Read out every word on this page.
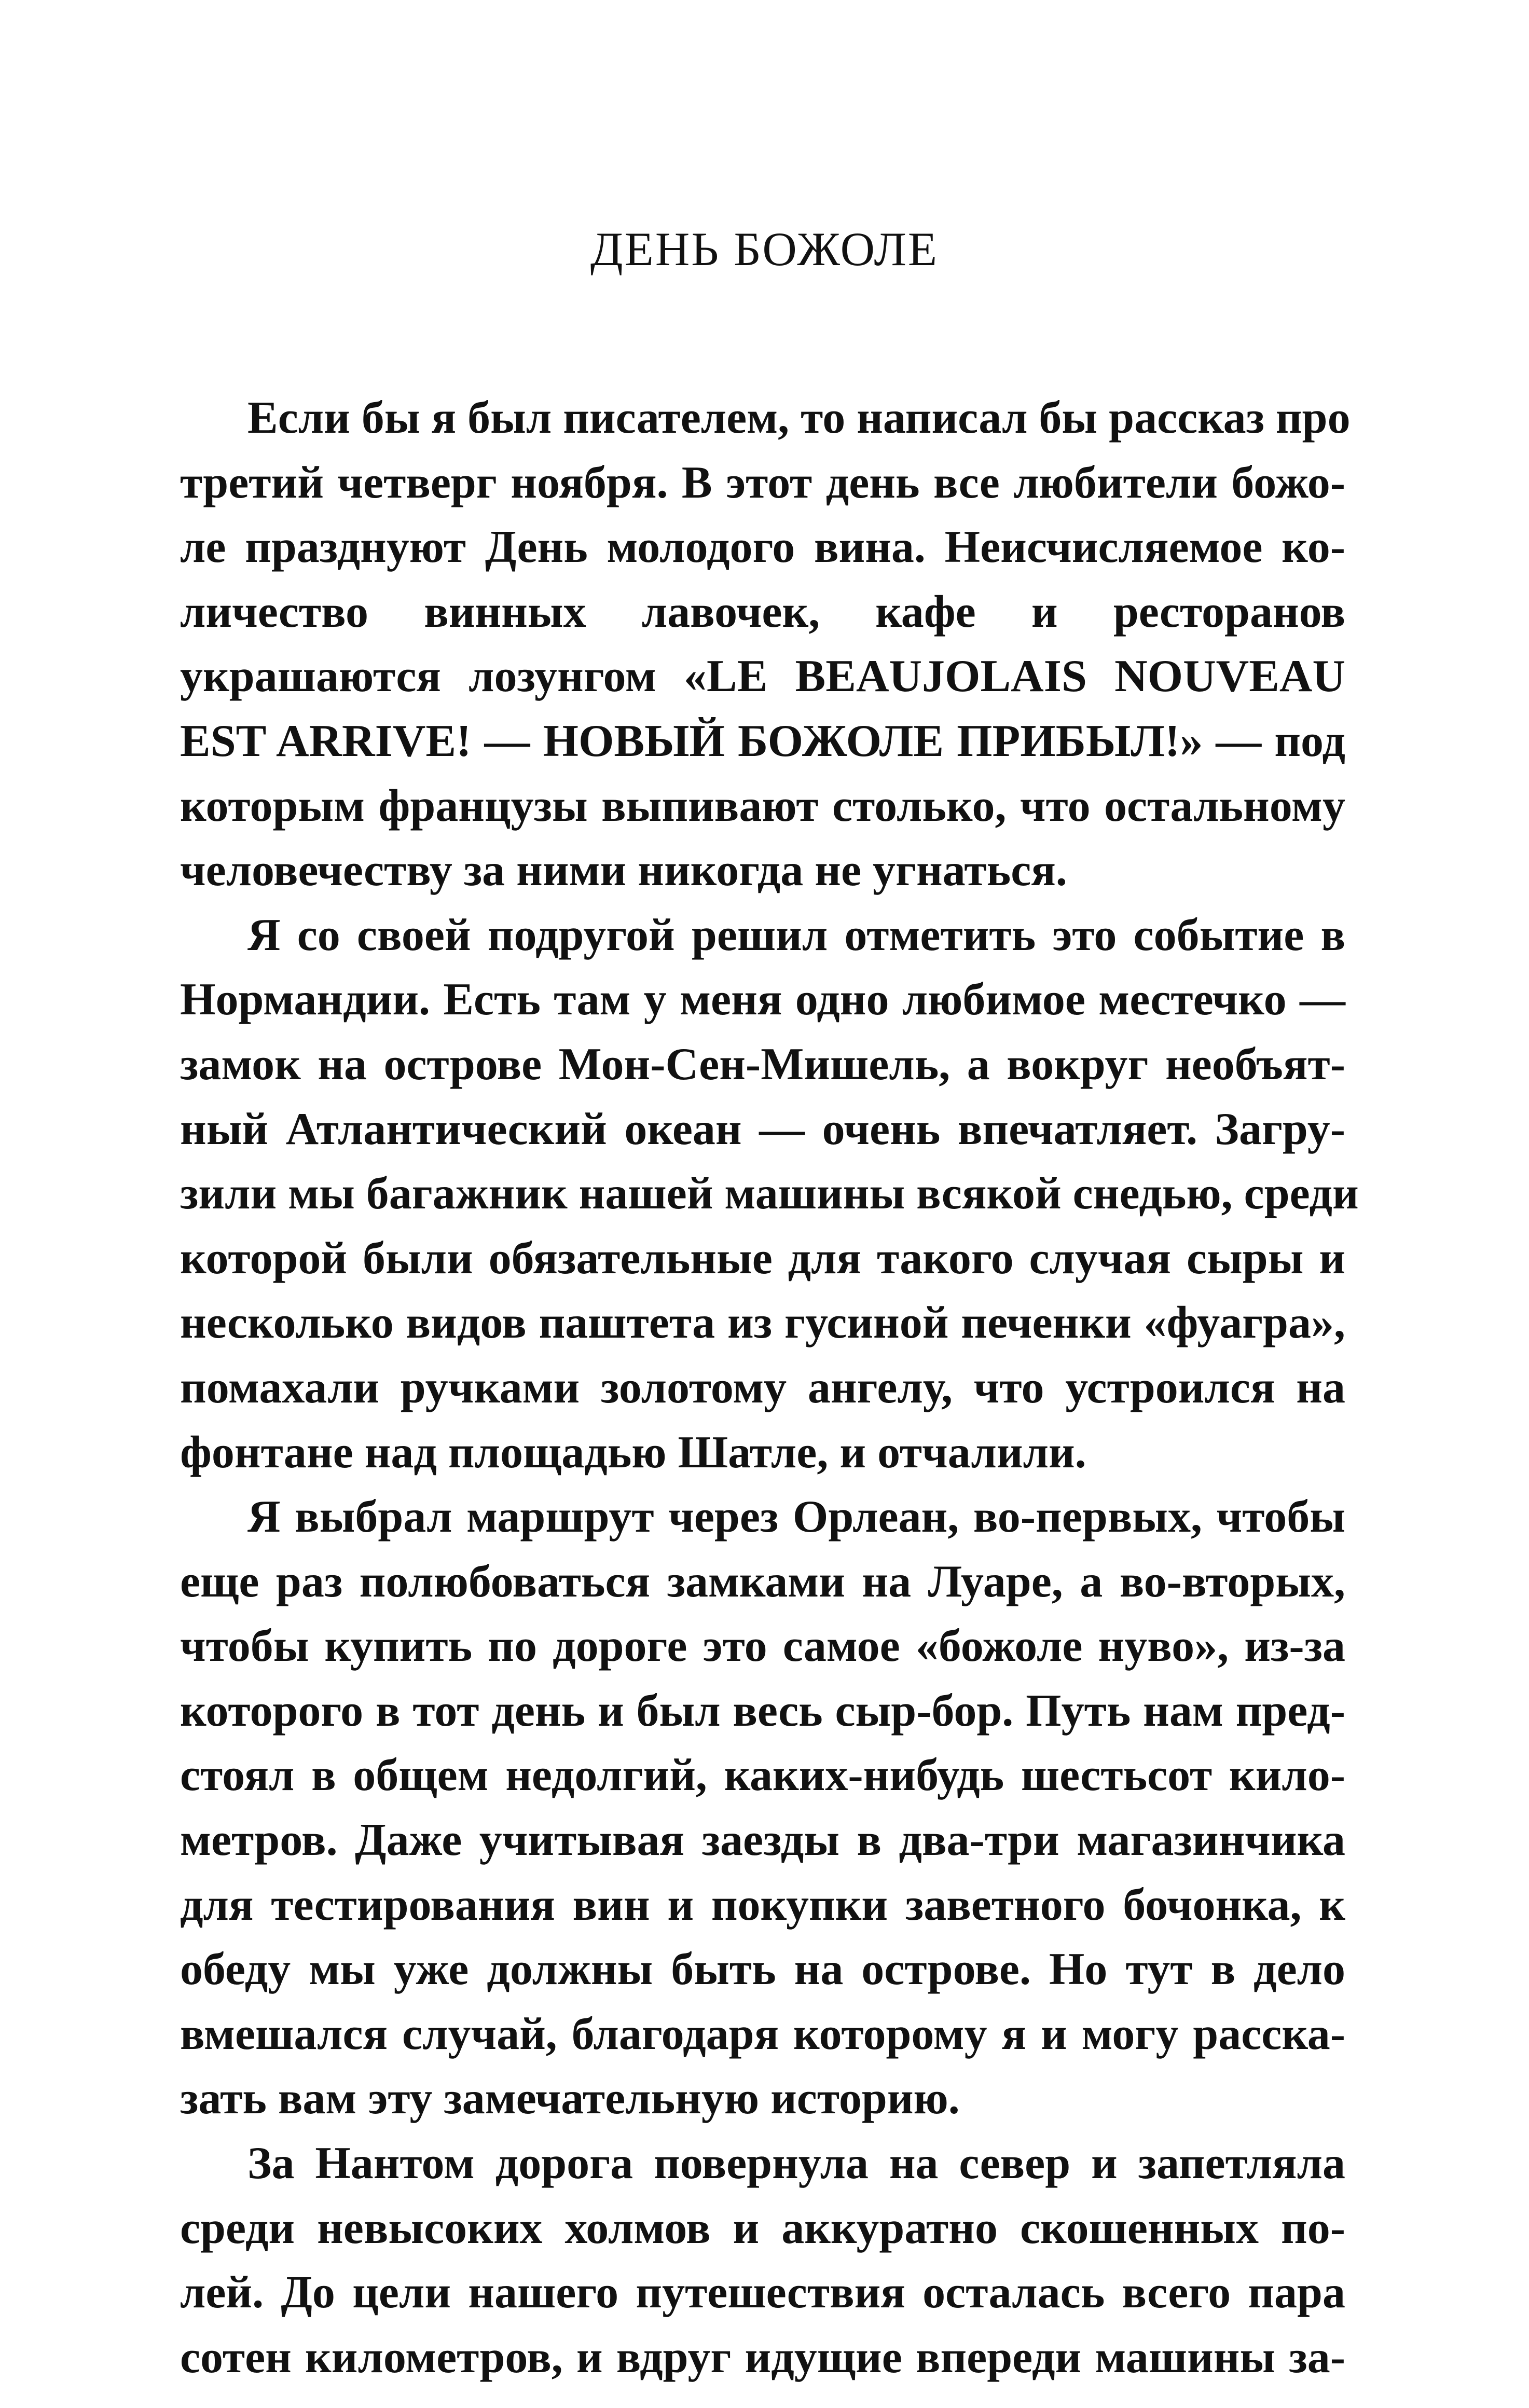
ДЕНЬ БОЖОЛЕ

Если бы я был писателем, то написал бы рассказ про
третий четверг ноября. В этот день все любители божо-
ле празднуют День молодого вина. Неисчисляемое ко-
личество винных лавочек, кафе и ресторанов
украшаются лозунгом «LE BEAUJOLAIS NOUVEAU
EST ARRIVE! — НОВЫЙ БОЖОЛЕ ПРИБЫЛ!» — под
которым французы выпивают столько, что остальному
человечеству за ними никогда не угнаться.

Я со своей подругой решил отметить это событие в
Нормандии. Есть там у меня одно любимое местечко —
замок на острове Мон-Сен-Мишель, а вокруг необъят-
ный Атлантический океан — очень впечатляет. Загру-
зили мы багажник нашей машины всякой снедью, среди
которой были обязательные для такого случая сыры и
несколько видов паштета из гусиной печенки «фуагра»,
помахали ручками золотому ангелу, что устроился на
фонтане над площадью Шатле, и отчалили.

Я выбрал маршрут через Орлеан, во-первых, чтобы
еще раз полюбоваться замками на Луаре, а во-вторых,
чтобы купить по дороге это самое «божоле нуво», из-за
которого в тот день и был весь сыр-бор. Путь нам пред-
стоял в общем недолгий, каких-нибудь шестьсот кило-
метров. Даже учитывая заезды в два-три магазинчика
для тестирования вин и покупки заветного бочонка, к
обеду мы уже должны быть на острове. Но тут в дело
вмешался случай, благодаря которому я и могу расска-
зать вам эту замечательную историю.

За Нантом дорога повернула на север и запетляла
среди невысоких холмов и аккуратно скошенных по-
лей. До цели нашего путешествия осталась всего пара
сотен километров, и вдруг идущие впереди машины за-
